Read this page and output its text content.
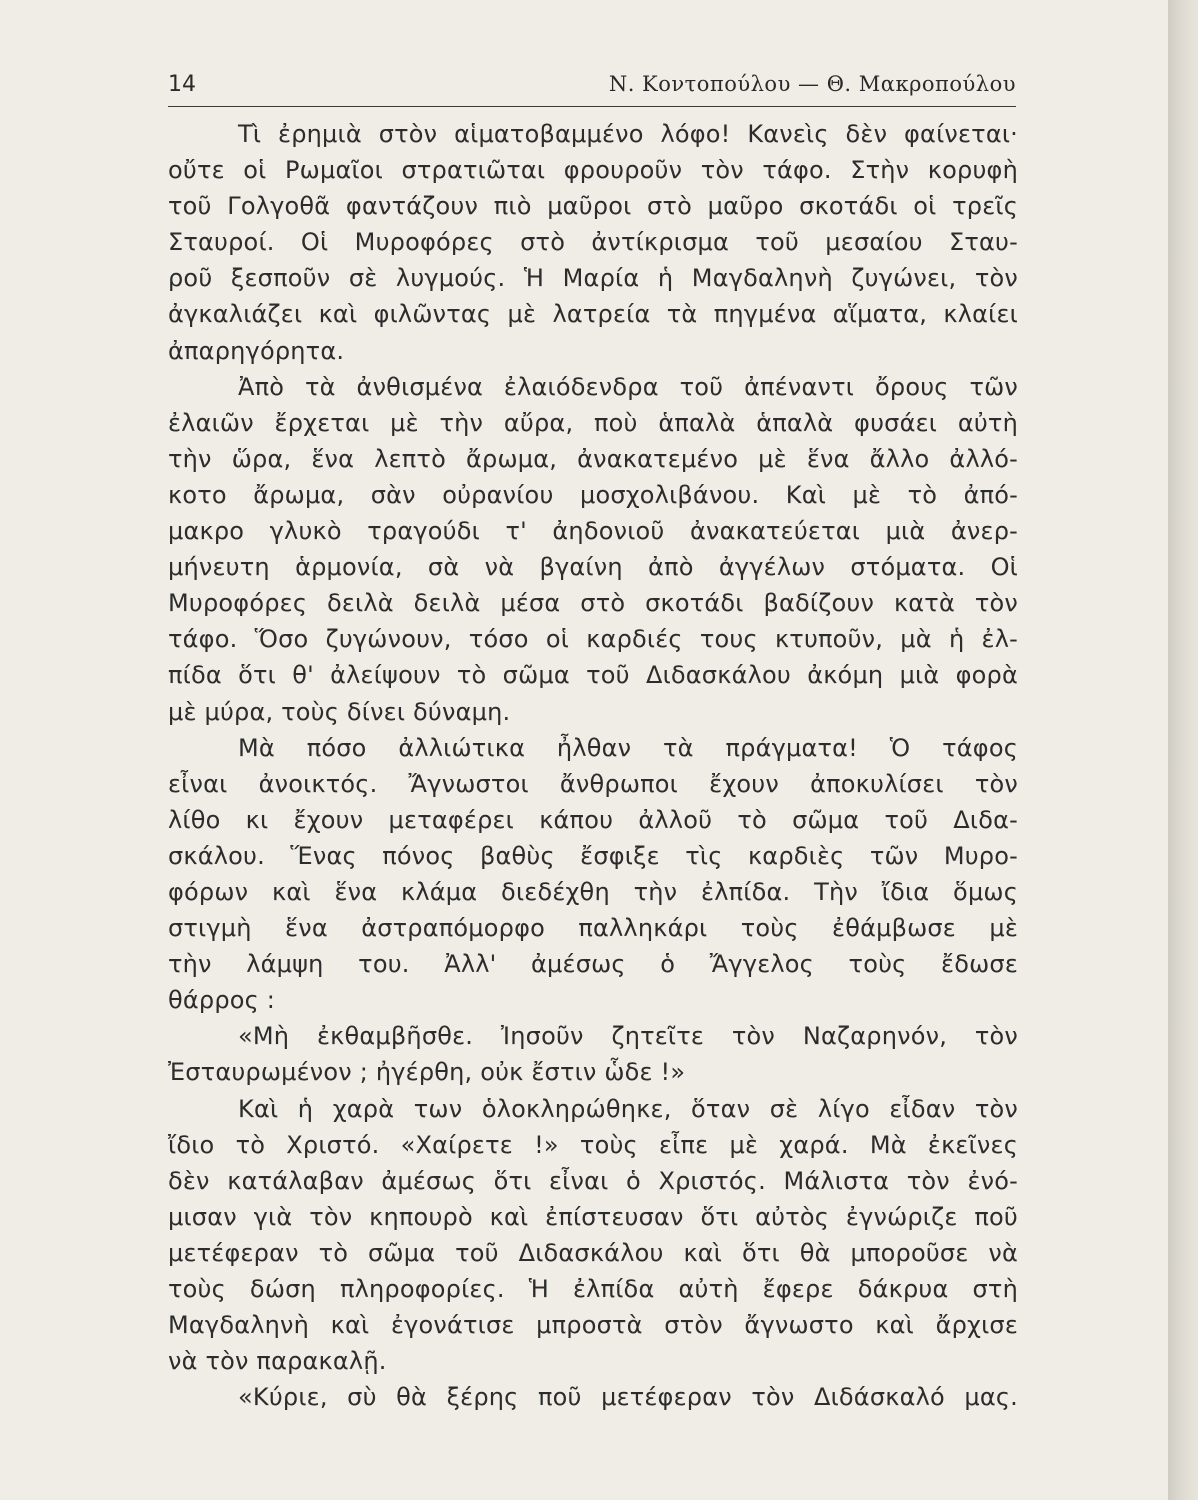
14	Ν. Κοντοπούλου — Θ. Μακροπούλου
Τὶ ἐρημιὰ στὸν αἱματοβαμμένο λόφο! Κανεὶς δὲν φαίνεται·
οὔτε οἱ Ρωμαῖοι στρατιῶται φρουροῦν τὸν τάφο. Στὴν κορυφὴ
τοῦ Γολγοθᾶ φαντάζουν πιὸ μαῦροι στὸ μαῦρο σκοτάδι οἱ τρεῖς
Σταυροί. Οἱ Μυροφόρες στὸ ἀντίκρισμα τοῦ μεσαίου Σταυ-
ροῦ ξεσποῦν σὲ λυγμούς. Ἡ Μαρία ἡ Μαγδαληνὴ ζυγώνει, τὸν
ἀγκαλιάζει καὶ φιλῶντας μὲ λατρεία τὰ πηγμένα αἵματα, κλαίει
ἀπαρηγόρητα.
Ἀπὸ τὰ ἀνθισμένα ἐλαιόδενδρα τοῦ ἀπέναντι ὄρους τῶν
ἐλαιῶν ἔρχεται μὲ τὴν αὔρα, ποὺ ἁπαλὰ ἁπαλὰ φυσάει αὐτὴ
τὴν ὥρα, ἕνα λεπτὸ ἄρωμα, ἀνακατεμένο μὲ ἕνα ἄλλο ἀλλό-
κοτο ἄρωμα, σὰν οὐρανίου μοσχολιβάνου. Καὶ μὲ τὸ ἀπό-
μακρο γλυκὸ τραγούδι τ' ἀηδονιοῦ ἀνακατεύεται μιὰ ἀνερ-
μήνευτη ἁρμονία, σὰ νὰ βγαίνη ἀπὸ ἀγγέλων στόματα. Οἱ
Μυροφόρες δειλὰ δειλὰ μέσα στὸ σκοτάδι βαδίζουν κατὰ τὸν
τάφο. Ὅσο ζυγώνουν, τόσο οἱ καρδιές τους κτυποῦν, μὰ ἡ ἐλ-
πίδα ὅτι θ' ἀλείψουν τὸ σῶμα τοῦ Διδασκάλου ἀκόμη μιὰ φορὰ
μὲ μύρα, τοὺς δίνει δύναμη.
Μὰ πόσο ἀλλιώτικα ἦλθαν τὰ πράγματα! Ὁ τάφος
εἶναι ἀνοικτός. Ἄγνωστοι ἄνθρωποι ἔχουν ἀποκυλίσει τὸν
λίθο κι ἔχουν μεταφέρει κάπου ἀλλοῦ τὸ σῶμα τοῦ Διδα-
σκάλου. Ἕνας πόνος βαθὺς ἔσφιξε τὶς καρδιὲς τῶν Μυρο-
φόρων καὶ ἕνα κλάμα διεδέχθη τὴν ἐλπίδα. Τὴν ἴδια ὅμως
στιγμὴ ἕνα ἀστραπόμορφο παλληκάρι τοὺς ἐθάμβωσε μὲ
τὴν λάμψη του. Ἀλλ' ἀμέσως ὁ Ἄγγελος τοὺς ἔδωσε
θάρρος :
«Μὴ ἐκθαμβῆσθε. Ἰησοῦν ζητεῖτε τὸν Ναζαρηνόν, τὸν
Ἐσταυρωμένον ; ἠγέρθη, οὐκ ἔστιν ὧδε !»
Καὶ ἡ χαρὰ των ὁλοκληρώθηκε, ὅταν σὲ λίγο εἶδαν τὸν
ἴδιο τὸ Χριστό. «Χαίρετε !» τοὺς εἶπε μὲ χαρά. Μὰ ἐκεῖνες
δὲν κατάλαβαν ἀμέσως ὅτι εἶναι ὁ Χριστός. Μάλιστα τὸν ἐνό-
μισαν γιὰ τὸν κηπουρὸ καὶ ἐπίστευσαν ὅτι αὐτὸς ἐγνώριζε ποῦ
μετέφεραν τὸ σῶμα τοῦ Διδασκάλου καὶ ὅτι θὰ μποροῦσε νὰ
τοὺς δώση πληροφορίες. Ἡ ἐλπίδα αὐτὴ ἔφερε δάκρυα στὴ
Μαγδαληνὴ καὶ ἐγονάτισε μπροστὰ στὸν ἄγνωστο καὶ ἄρχισε
νὰ τὸν παρακαλῇ.
«Κύριε, σὺ θὰ ξέρης ποῦ μετέφεραν τὸν Διδάσκαλό μας.
